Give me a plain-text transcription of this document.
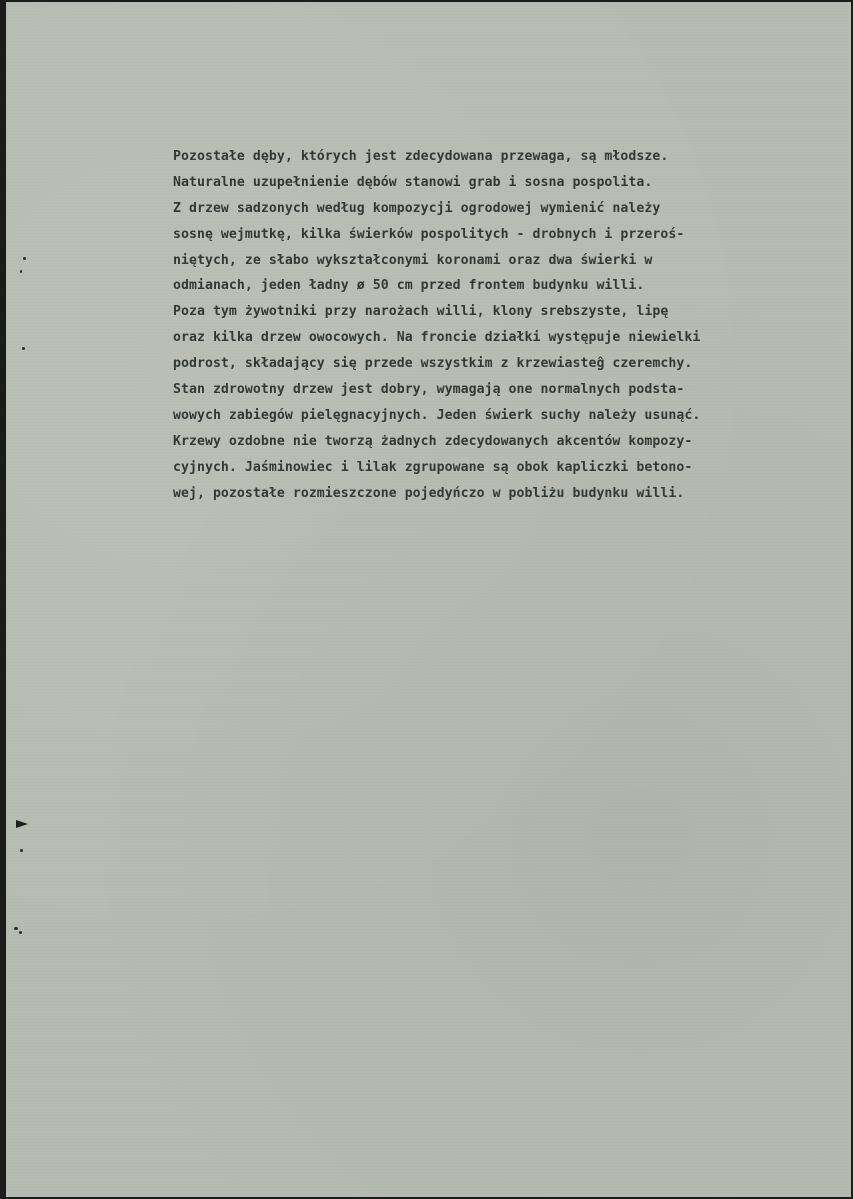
Pozostałe dęby, których jest zdecydowana przewaga, są młodsze.
Naturalne uzupełnienie dębów stanowi grab i sosna pospolita.
Z drzew sadzonych według kompozycji ogrodowej wymienić należy
sosnę wejmutkę, kilka świerków pospolitych - drobnych i przeroś-
niętych, ze słabo wykształconymi koronami oraz dwa świerki w
odmianach, jeden ładny ø 50 cm przed frontem budynku willi.
Poza tym żywotniki przy narożach willi, klony srebszyste, lipę
oraz kilka drzew owocowych. Na froncie działki występuje niewielki
podrost, składający się przede wszystkim z krzewiasteĝ czeremchy.
Stan zdrowotny drzew jest dobry, wymagają one normalnych podsta-
wowych zabiegów pielęgnacyjnych. Jeden świerk suchy należy usunąć.
Krzewy ozdobne nie tworzą żadnych zdecydowanych akcentów kompozy-
cyjnych. Jaśminowiec i lilak zgrupowane są obok kapliczki betono-
wej, pozostałe rozmieszczone pojedyńczo w pobliżu budynku willi.
